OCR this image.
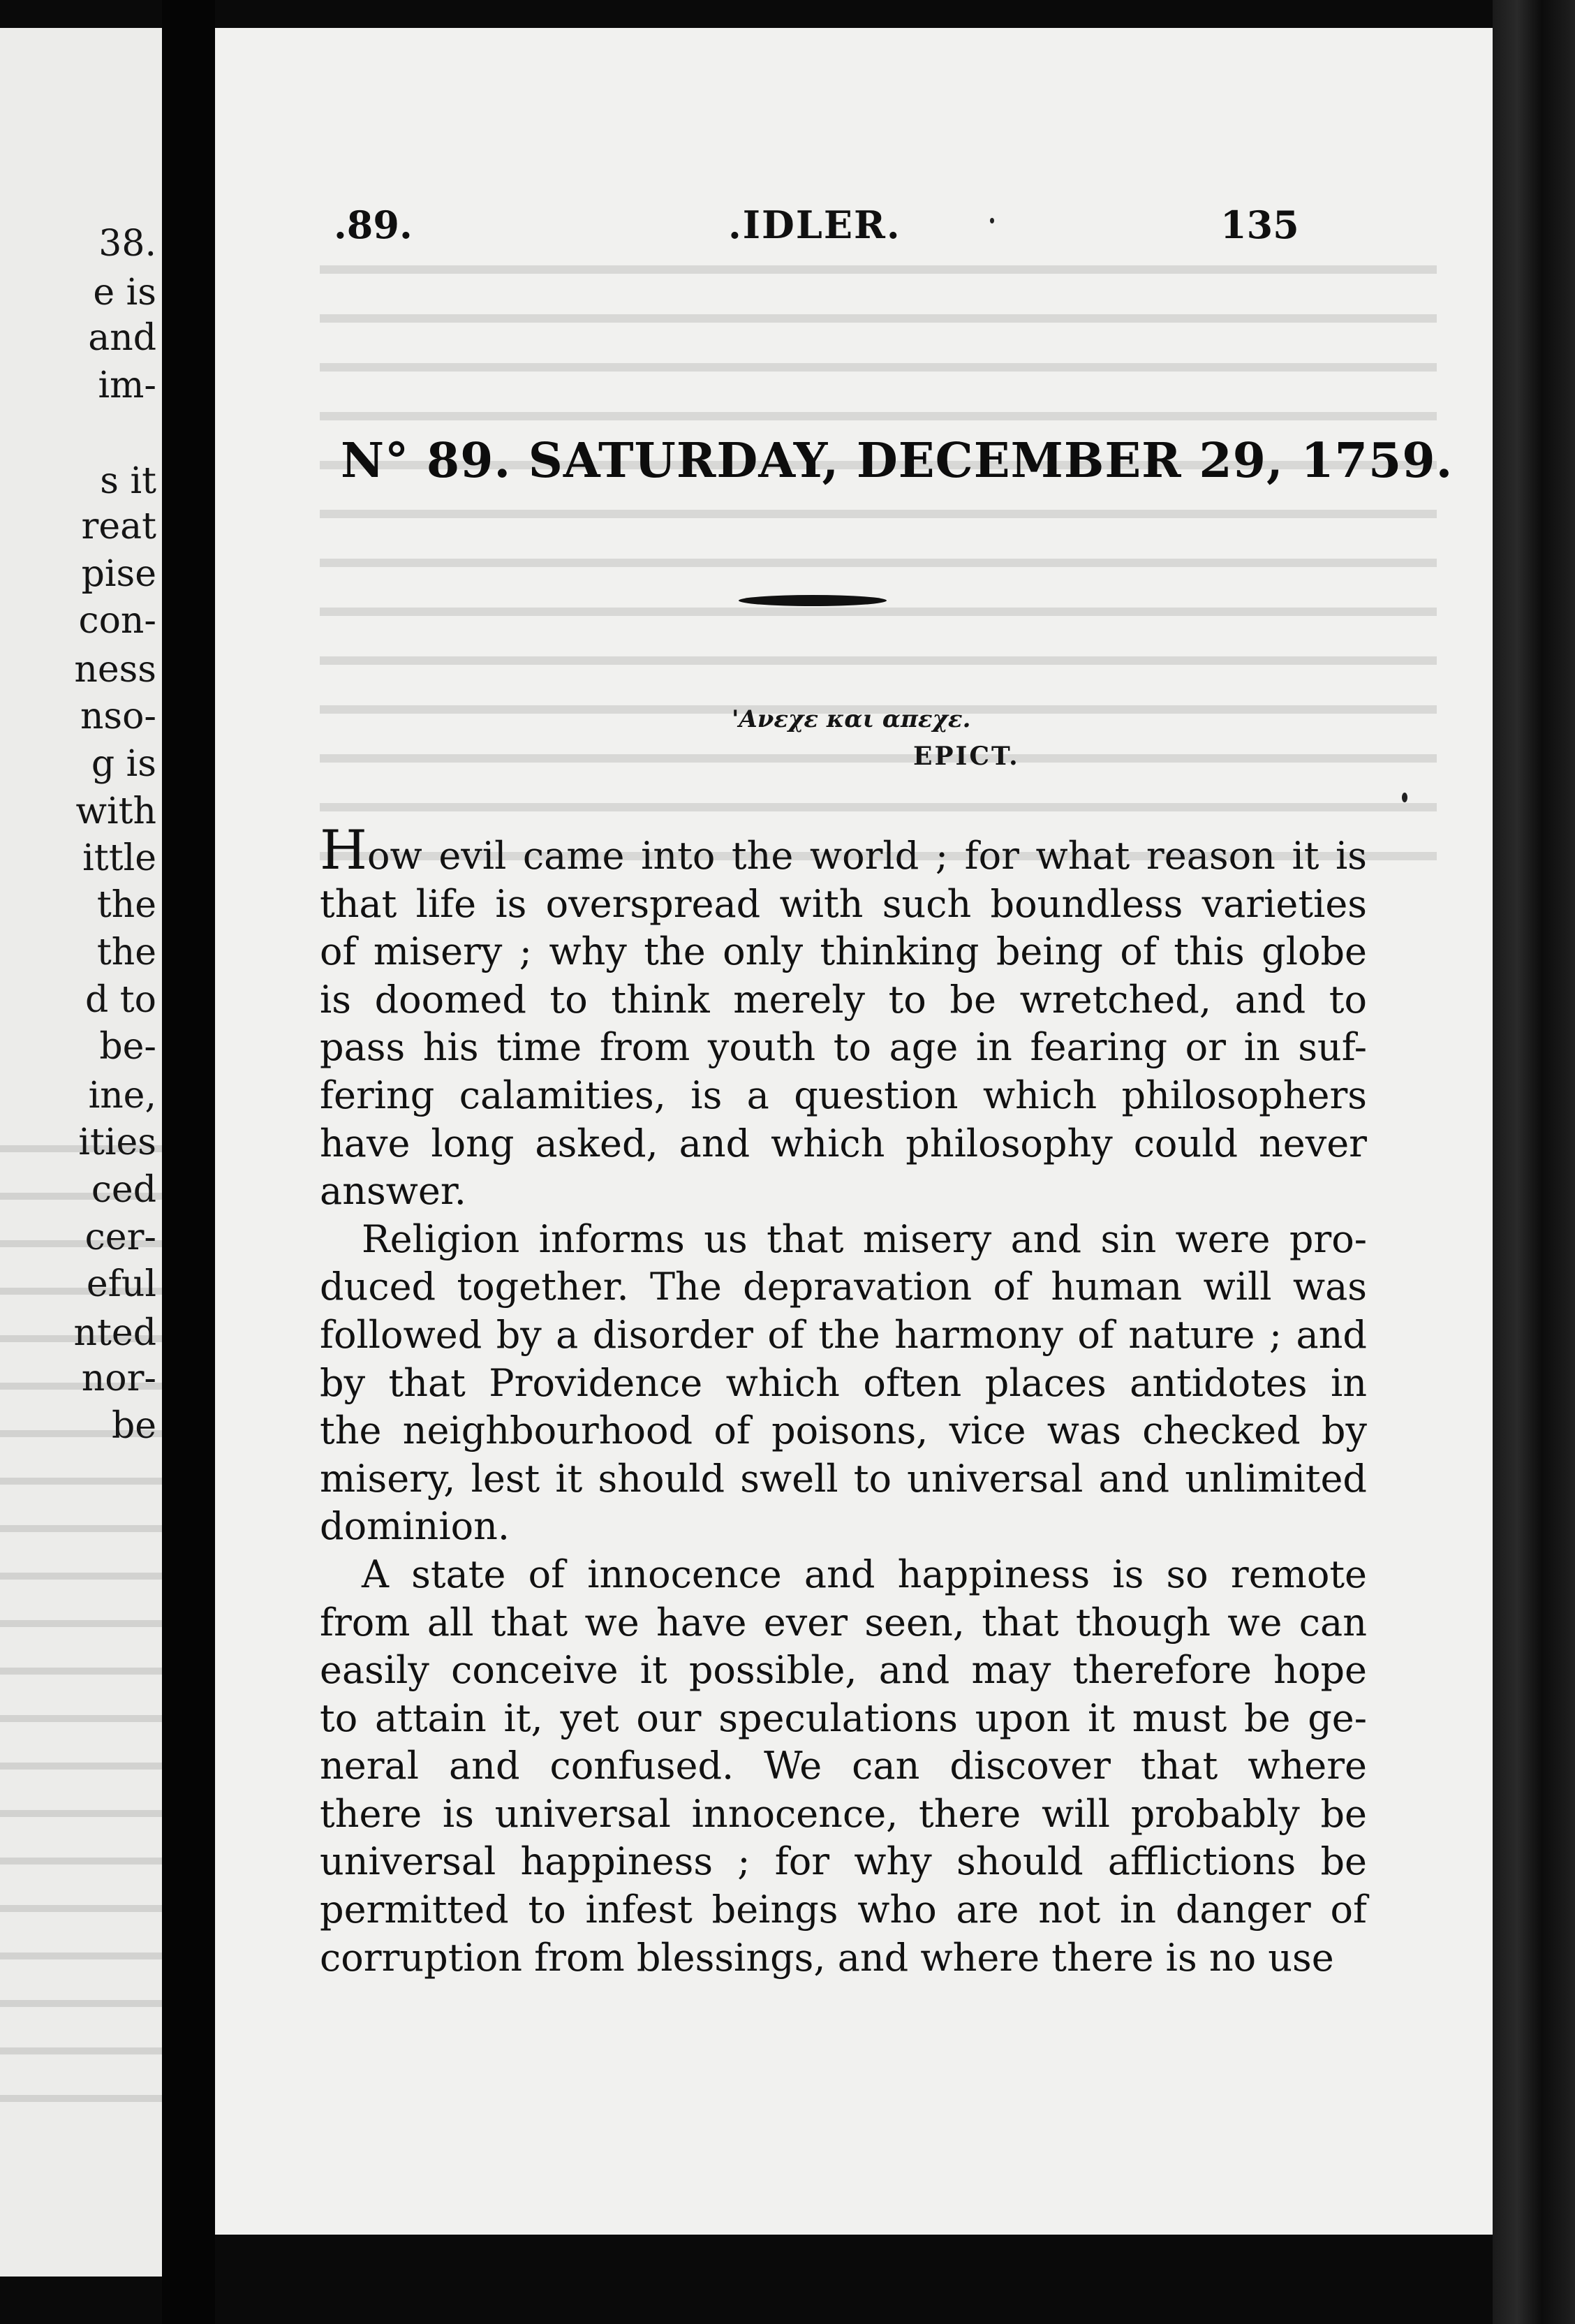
38.
e is
and
im-
s it
reat
pise
con-
ness
nso-
g is
with
ittle
the
the
d to
be-
ine,
ities
ced
cer-
eful
nted
nor-
be
.89.	.IDLER.	135
N° 89. SATURDAY, DECEMBER 29, 1759.
'Ανεχε και απεχε.
EPICT.

How evil came into the world ; for what reason it is
that life is overspread with such boundless varieties
of misery ; why the only thinking being of this globe
is doomed to think merely to be wretched, and to
pass his time from youth to age in fearing or in suf-
fering calamities, is a question which philosophers
have long asked, and which philosophy could never
answer.

Religion informs us that misery and sin were pro-
duced together. The depravation of human will was
followed by a disorder of the harmony of nature ; and
by that Providence which often places antidotes in
the neighbourhood of poisons, vice was checked by
misery, lest it should swell to universal and unlimited
dominion.

A state of innocence and happiness is so remote
from all that we have ever seen, that though we can
easily conceive it possible, and may therefore hope
to attain it, yet our speculations upon it must be ge-
neral and confused. We can discover that where
there is universal innocence, there will probably be
universal happiness ; for why should afflictions be
permitted to infest beings who are not in danger of
corruption from blessings, and where there is no use
